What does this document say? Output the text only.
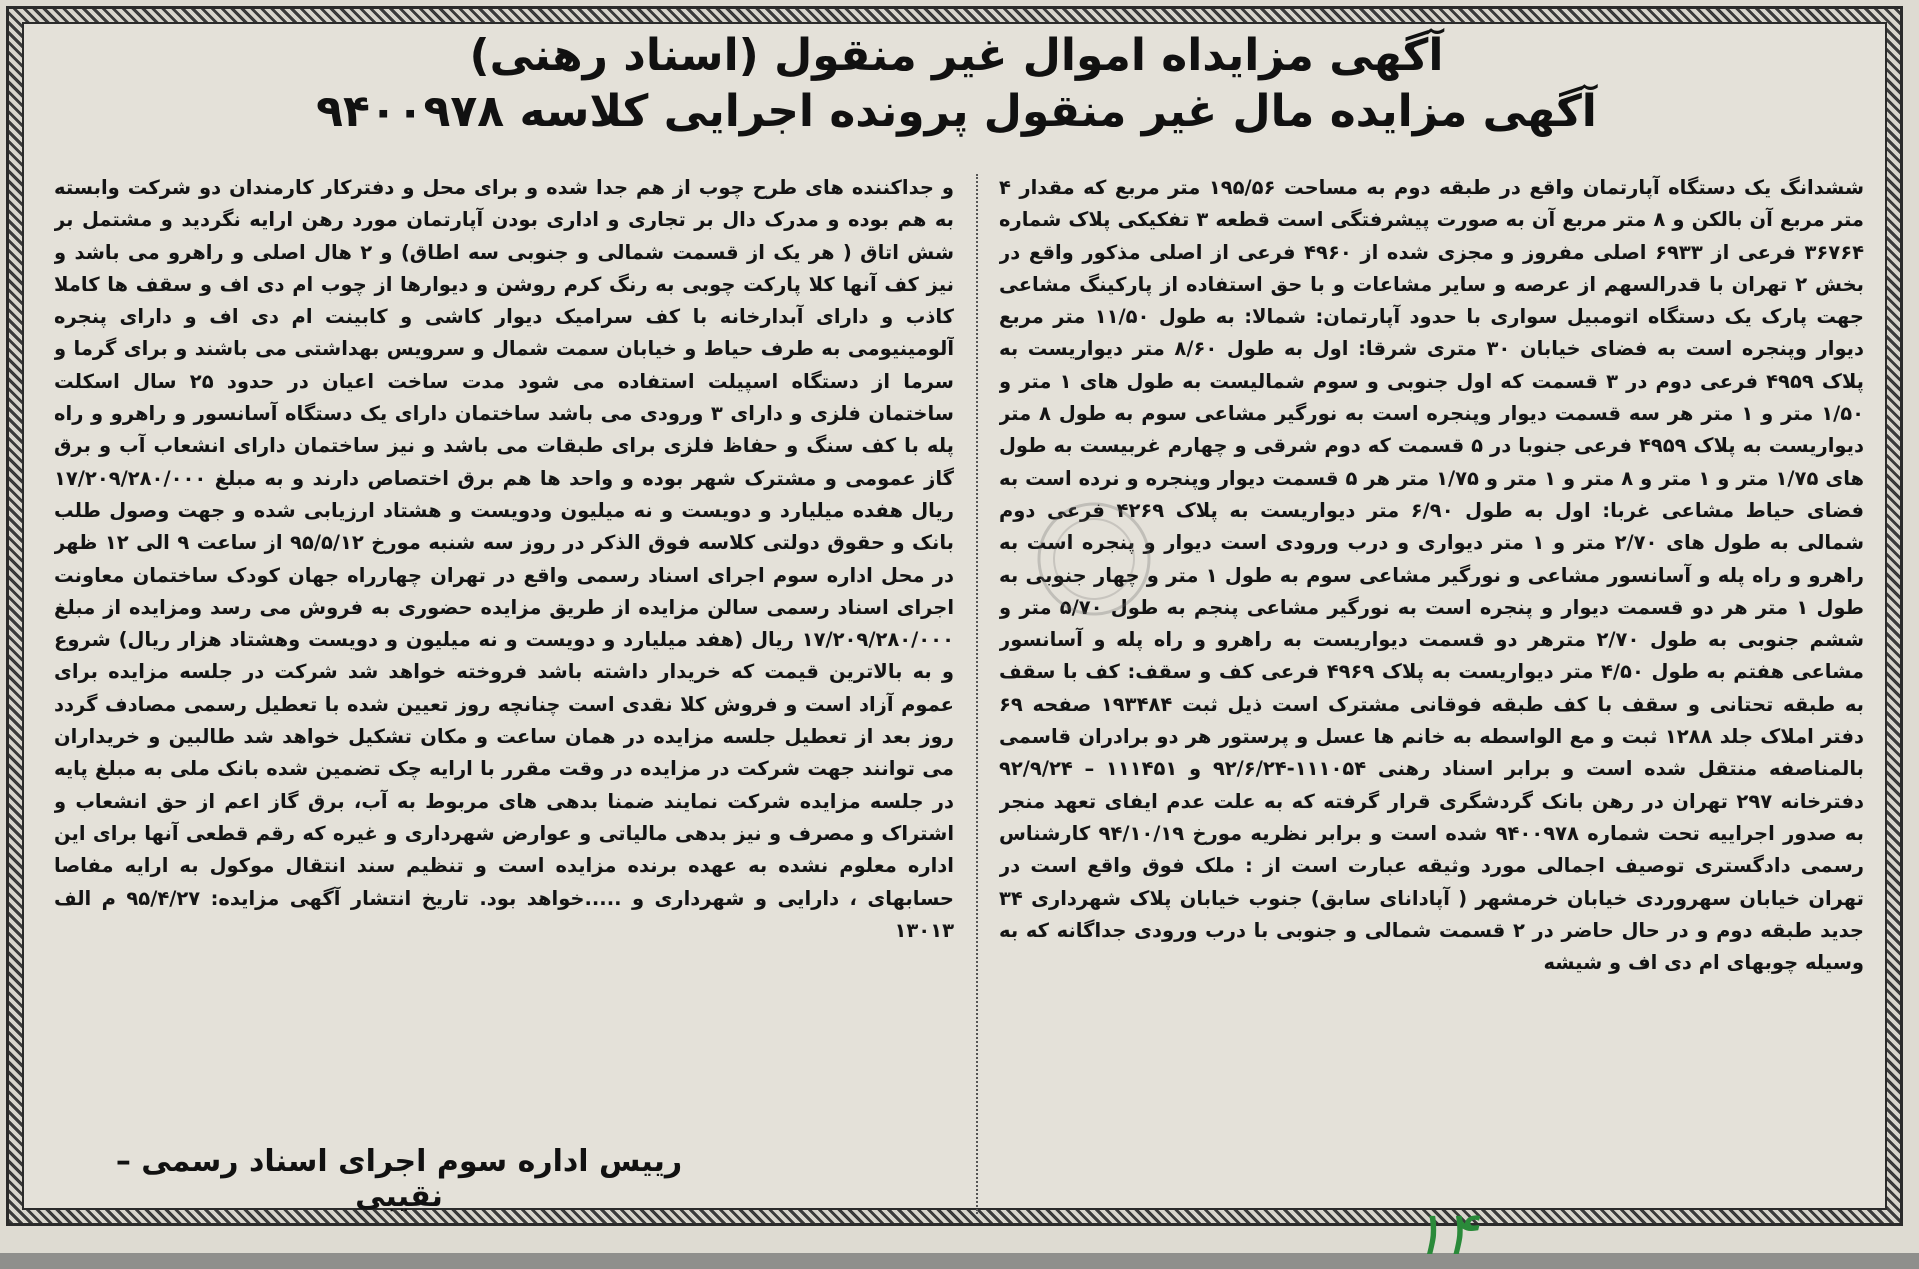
آگهی مزایداه اموال غیر منقول (اسناد رهنی)
آگهی مزایده مال غیر منقول پرونده اجرایی کلاسه ۹۴۰۰۹۷۸
ششدانگ یک دستگاه آپارتمان واقع در طبقه دوم به مساحت ۱۹۵/۵۶ متر مربع که مقدار ۴ متر مربع آن بالکن و ۸ متر مربع آن به صورت پیشرفتگی است قطعه ۳ تفکیکی پلاک شماره ۳۶۷۶۴ فرعی از ۶۹۳۳ اصلی مفروز و مجزی شده از ۴۹۶۰ فرعی از اصلی مذکور واقع در بخش ۲ تهران با قدرالسهم از عرصه و سایر مشاعات و با حق استفاده از پارکینگ مشاعی جهت پارک یک دستگاه اتومبیل سواری با حدود آپارتمان: شمالا: به طول ۱۱/۵۰ متر مربع دیوار وپنجره است به فضای خیابان ۳۰ متری شرقا: اول به طول ۸/۶۰ متر دیواریست به پلاک ۴۹۵۹ فرعی دوم در ۳ قسمت که اول جنوبی و سوم شمالیست به طول های ۱ متر و ۱/۵۰ متر و ۱ متر هر سه قسمت دیوار وپنجره است به نورگیر مشاعی سوم به طول ۸ متر دیواریست به پلاک ۴۹۵۹ فرعی جنوبا در ۵ قسمت که دوم شرقی و چهارم غربیست به طول های ۱/۷۵ متر و ۱ متر و ۸ متر و ۱ متر و ۱/۷۵ متر هر ۵ قسمت دیوار وپنجره و نرده است به فضای حیاط مشاعی غربا: اول به طول ۶/۹۰ متر دیواریست به پلاک ۴۲۶۹ فرعی دوم شمالی به طول های ۲/۷۰ متر و ۱ متر دیواری و درب ورودی است دیوار و پنجره است به راهرو و راه پله و آسانسور مشاعی و نورگیر مشاعی سوم به طول ۱ متر و چهار جنوبی به طول ۱ متر هر دو قسمت دیوار و پنجره است به نورگیر مشاعی پنجم به طول ۵/۷۰ متر و ششم جنوبی به طول ۲/۷۰ مترهر دو قسمت دیواریست به راهرو و راه پله و آسانسور مشاعی هفتم به طول ۴/۵۰ متر دیواریست به پلاک ۴۹۶۹ فرعی کف و سقف: کف با سقف به طبقه تحتانی و سقف با کف طبقه فوقانی مشترک است ذیل ثبت ۱۹۳۴۸۴ صفحه ۶۹ دفتر املاک جلد ۱۲۸۸ ثبت و مع الواسطه به خانم ها عسل و پرستور هر دو برادران قاسمی بالمناصفه منتقل شده است و برابر اسناد رهنی ۱۱۱۰۵۴-۹۲/۶/۲۴ و ۱۱۱۴۵۱ – ۹۲/۹/۲۴ دفترخانه ۲۹۷ تهران در رهن بانک گردشگری قرار گرفته که به علت عدم ایفای تعهد منجر به صدور اجراییه تحت شماره ۹۴۰۰۹۷۸ شده است و برابر نظریه مورخ ۹۴/۱۰/۱۹ کارشناس رسمی دادگستری توصیف اجمالی مورد وثیقه عبارت است از : ملک فوق واقع است در تهران خیابان سهروردی خیابان خرمشهر ( آپادانای سابق) جنوب خیابان پلاک شهرداری ۳۴ جدید طبقه دوم و در حال حاضر در ۲ قسمت شمالی و جنوبی با درب ورودی جداگانه که به وسیله چوبهای ام دی اف و شیشه
و جداکننده های طرح چوب از هم جدا شده و برای محل و دفترکار کارمندان دو شرکت وابسته به هم بوده و مدرک دال بر تجاری و اداری بودن آپارتمان مورد رهن ارایه نگردید و مشتمل بر شش اتاق ( هر یک از قسمت شمالی و جنوبی سه اطاق) و ۲ هال اصلی و راهرو می باشد و نیز کف آنها کلا پارکت چوبی به رنگ کرم روشن و دیوارها از چوب ام دی اف و سقف ها کاملا کاذب و دارای آبدارخانه با کف سرامیک دیوار کاشی و کابینت ام دی اف و دارای پنجره آلومینیومی به طرف حیاط و خیابان سمت شمال و سرویس بهداشتی می باشند و برای گرما و سرما از دستگاه اسپیلت استفاده می شود مدت ساخت اعیان در حدود ۲۵ سال اسکلت ساختمان فلزی و دارای ۳ ورودی می باشد ساختمان دارای یک دستگاه آسانسور و راهرو و راه پله با کف سنگ و حفاظ فلزی برای طبقات می باشد و نیز ساختمان دارای انشعاب آب و برق گاز عمومی و مشترک شهر بوده و واحد ها هم برق اختصاص دارند و به مبلغ ۱۷/۲۰۹/۲۸۰/۰۰۰ ریال هفده میلیارد و دویست و نه میلیون ودویست و هشتاد ارزیابی شده و جهت وصول طلب بانک و حقوق دولتی کلاسه فوق الذکر در روز سه شنبه مورخ ۹۵/۵/۱۲ از ساعت ۹ الی ۱۲ ظهر در محل اداره سوم اجرای اسناد رسمی واقع در تهران چهارراه جهان کودک ساختمان معاونت اجرای اسناد رسمی سالن مزایده از طریق مزایده حضوری به فروش می رسد ومزایده از مبلغ ۱۷/۲۰۹/۲۸۰/۰۰۰ ریال (هفد میلیارد و دویست و نه میلیون و دویست وهشتاد هزار ریال) شروع و به بالاترین قیمت که خریدار داشته باشد فروخته خواهد شد شرکت در جلسه مزایده برای عموم آزاد است و فروش کلا نقدی است چنانچه روز تعیین شده با تعطیل رسمی مصادف گردد روز بعد از تعطیل جلسه مزایده در همان ساعت و مکان تشکیل خواهد شد طالبین و خریداران می توانند جهت شرکت در مزایده در وقت مقرر با ارایه چک تضمین شده بانک ملی به مبلغ پایه در جلسه مزایده شرکت نمایند ضمنا بدهی های مربوط به آب، برق گاز اعم از حق انشعاب و اشتراک و مصرف و نیز بدهی مالیاتی و عوارض شهرداری و غیره که رقم قطعی آنها برای این اداره معلوم نشده به عهده برنده مزایده است و تنظیم سند انتقال موکول به ارایه مفاصا حسابهای ، دارایی و شهرداری و .....خواهد بود. تاریخ انتشار آگهی مزایده: ۹۵/۴/۲۷ م الف ۱۳۰۱۳
رییس اداره سوم اجرای اسناد رسمی – نقیبی
۱۴
